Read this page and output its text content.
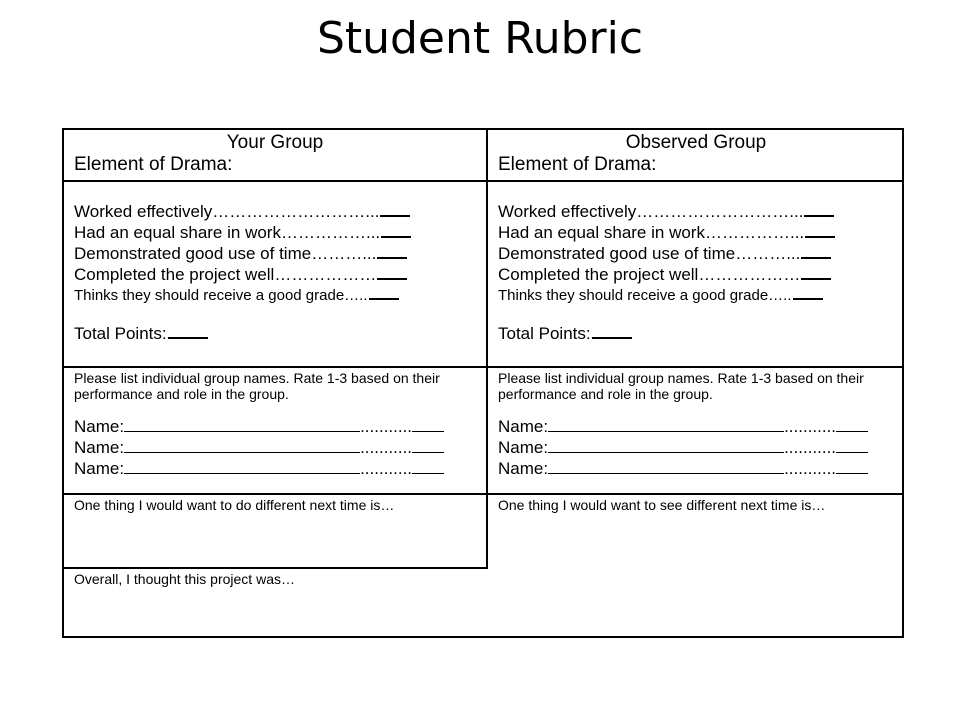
Student Rubric
Your Group
Element of Drama:
Worked effectively………………………...
Had an equal share in work……………...
Demonstrated good use of time………...
Completed the project well………………
Thinks they should receive a good grade…..
Total Points:
Please list individual group names. Rate 1-3 based on their performance and role in the group.
Name:	...........
Name:	...........
Name:	...........
One thing I would want to do different next time is…
Observed Group
Element of Drama:
Worked effectively………………………...
Had an equal share in work……………...
Demonstrated good use of time………...
Completed the project well………………
Thinks they should receive a good grade…..
Total Points:
Please list individual group names. Rate 1-3 based on their performance and role in the group.
Name:	...........
Name:	...........
Name:	...........
One thing I would want to see different next time is…
Overall, I thought this project was…
